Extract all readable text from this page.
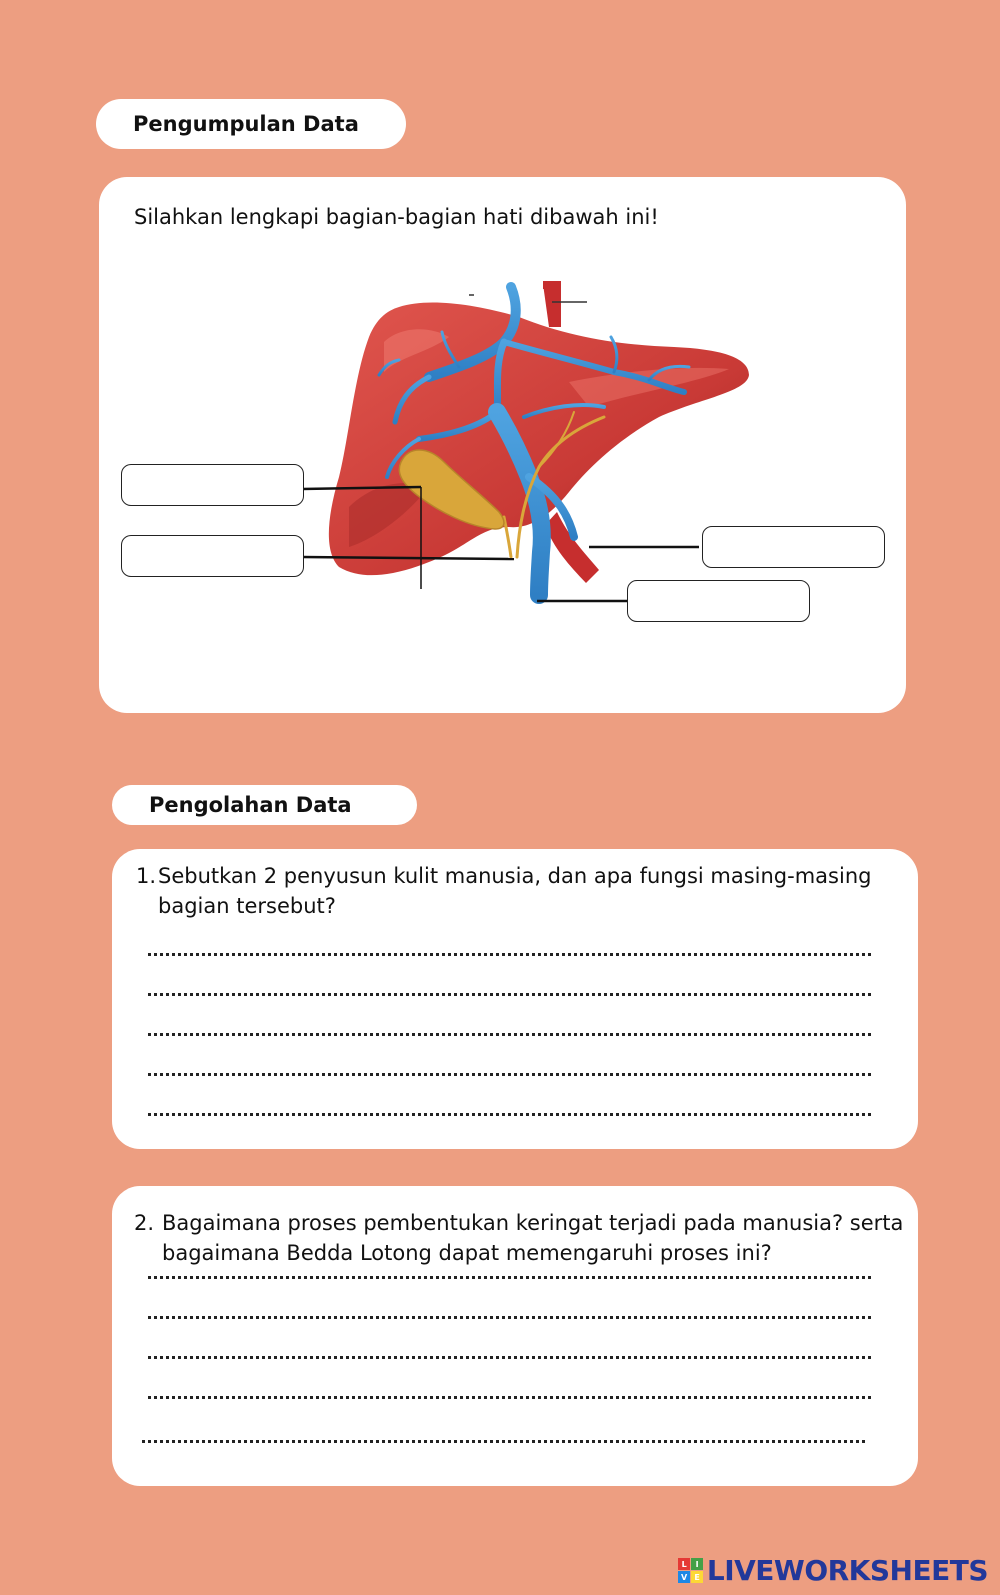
Pengumpulan Data
Silahkan lengkapi bagian-bagian hati dibawah ini!
Pengolahan Data
1. Sebutkan 2 penyusun kulit manusia, dan apa fungsi masing-masing
bagian tersebut?
2. Bagaimana proses pembentukan keringat terjadi pada manusia? serta
bagaimana Bedda Lotong dapat memengaruhi proses ini?
L	I
V E LIVEWORKSHEETS
